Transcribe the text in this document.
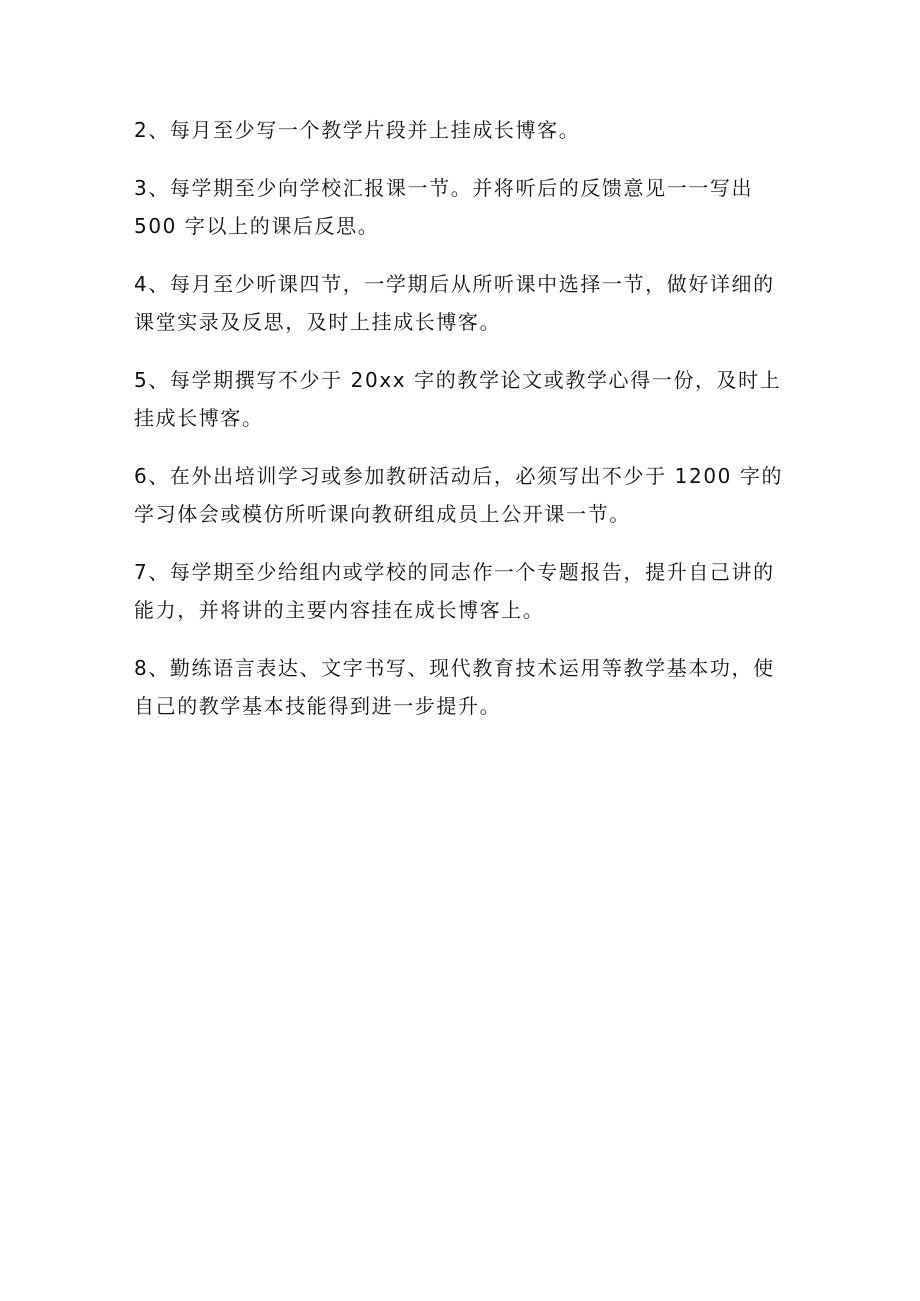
2、每月至少写一个教学片段并上挂成长博客。

3、每学期至少向学校汇报课一节。并将听后的反馈意见一一写出
500 字以上的课后反思。

4、每月至少听课四节，一学期后从所听课中选择一节，做好详细的
课堂实录及反思，及时上挂成长博客。

5、每学期撰写不少于 20xx 字的教学论文或教学心得一份，及时上
挂成长博客。

6、在外出培训学习或参加教研活动后，必须写出不少于 1200 字的
学习体会或模仿所听课向教研组成员上公开课一节。

7、每学期至少给组内或学校的同志作一个专题报告，提升自己讲的
能力，并将讲的主要内容挂在成长博客上。

8、勤练语言表达、文字书写、现代教育技术运用等教学基本功，使
自己的教学基本技能得到进一步提升。
